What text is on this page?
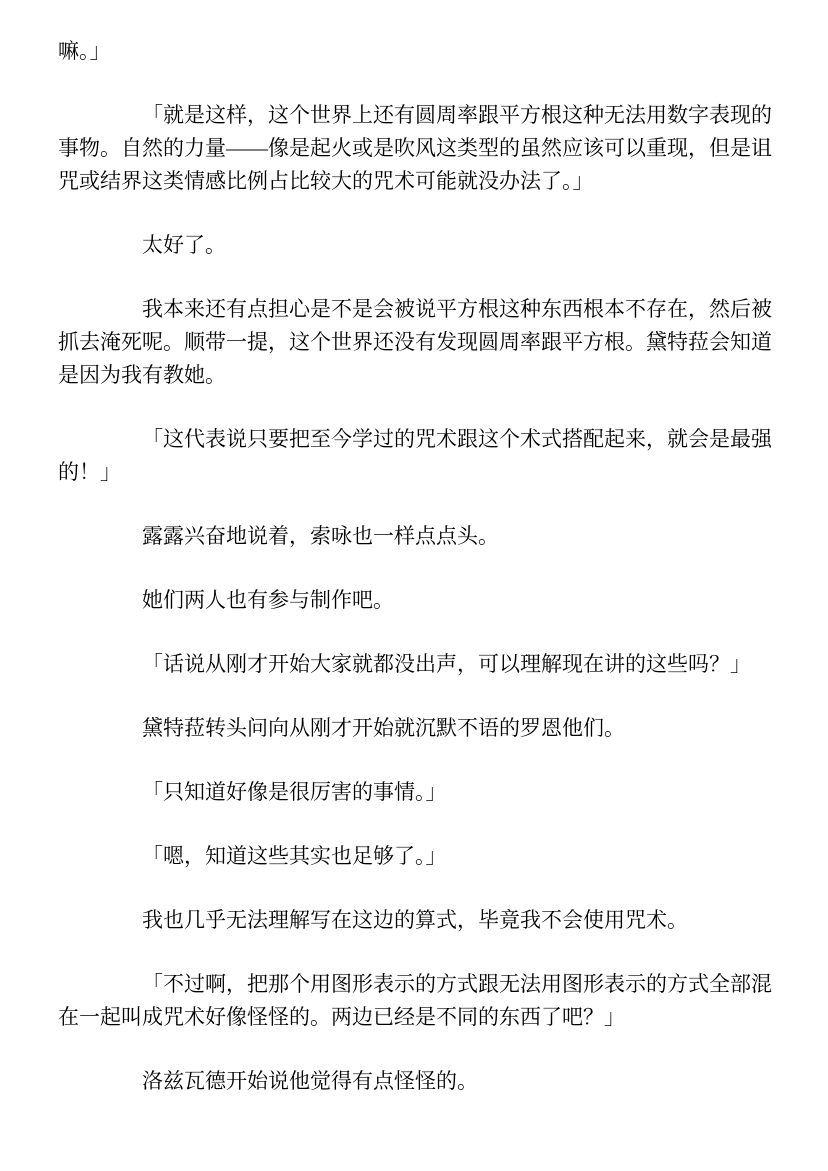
嘛。」

「就是这样，这个世界上还有圆周率跟平方根这种无法用数字表现的事物。自然的力量——像是起火或是吹风这类型的虽然应该可以重现，但是诅咒或结界这类情感比例占比较大的咒术可能就没办法了。」

太好了。

我本来还有点担心是不是会被说平方根这种东西根本不存在，然后被抓去淹死呢。顺带一提，这个世界还没有发现圆周率跟平方根。黛特菈会知道是因为我有教她。

「这代表说只要把至今学过的咒术跟这个术式搭配起来，就会是最强的！」

露露兴奋地说着，索咏也一样点点头。

她们两人也有参与制作吧。

「话说从刚才开始大家就都没出声，可以理解现在讲的这些吗？」

黛特菈转头问向从刚才开始就沉默不语的罗恩他们。

「只知道好像是很厉害的事情。」

「嗯，知道这些其实也足够了。」

我也几乎无法理解写在这边的算式，毕竟我不会使用咒术。

「不过啊，把那个用图形表示的方式跟无法用图形表示的方式全部混在一起叫成咒术好像怪怪的。两边已经是不同的东西了吧？」

洛兹瓦德开始说他觉得有点怪怪的。
